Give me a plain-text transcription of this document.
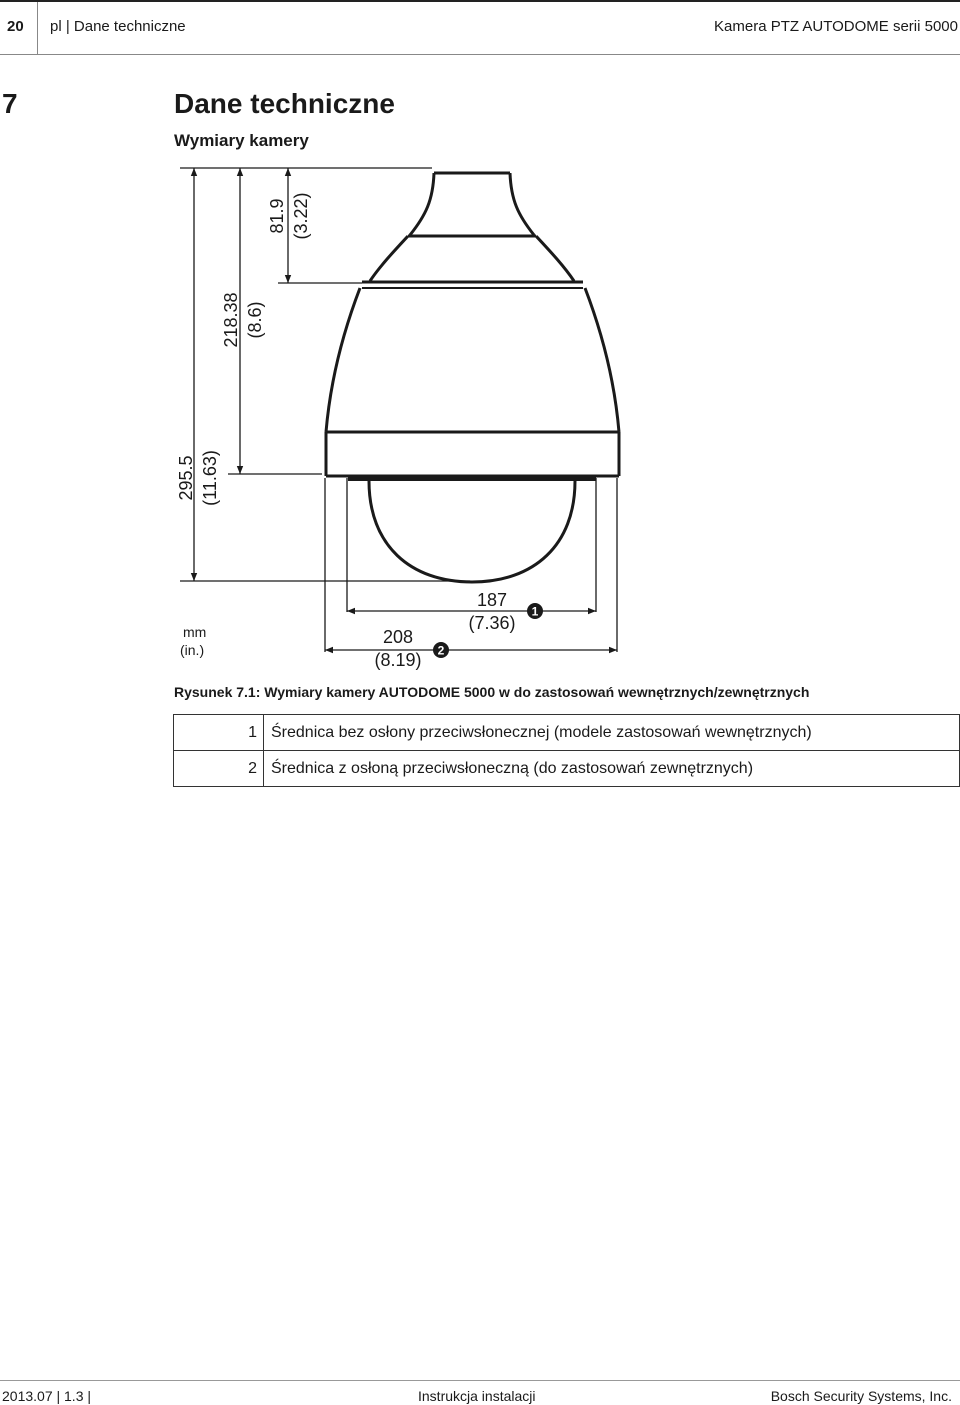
20 pl | Dane techniczne	Kamera PTZ AUTODOME serii 5000
7	Dane techniczne
Wymiary kamery
295.5 (11.63)
218.38 (8.6)
81.9 (3.22)
mm
(in.)
187
(7.36)
208
(8.19)
1
2
Rysunek 7.1: Wymiary kamery AUTODOME 5000 w do zastosowań wewnętrznych/zewnętrznych
1	Średnica bez osłony przeciwsłonecznej (modele zastosowań wewnętrznych)
2	Średnica z osłoną przeciwsłoneczną (do zastosowań zewnętrznych)
2013.07 | 1.3 |	Instrukcja instalacji	Bosch Security Systems, Inc.
